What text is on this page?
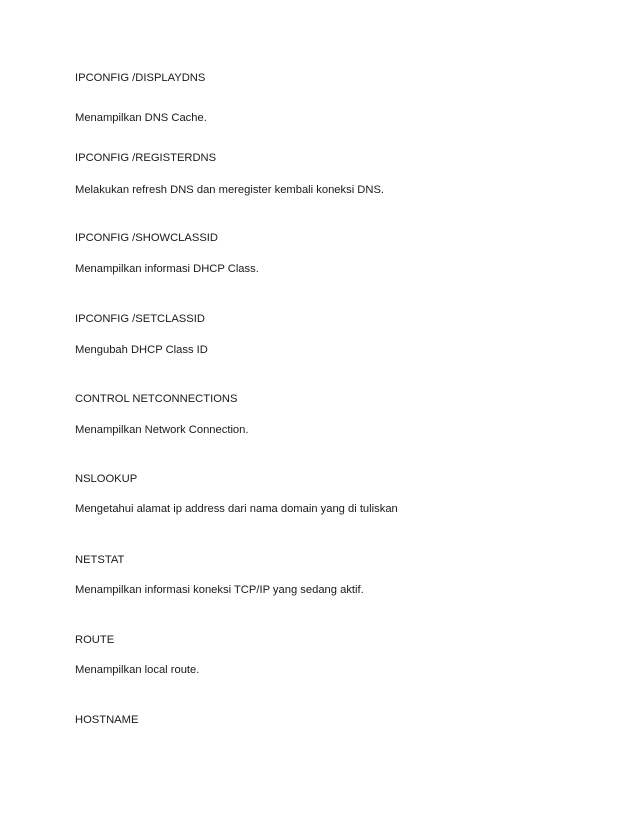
IPCONFIG /DISPLAYDNS
Menampilkan DNS Cache.
IPCONFIG /REGISTERDNS
Melakukan refresh DNS dan meregister kembali koneksi DNS.
IPCONFIG /SHOWCLASSID
Menampilkan informasi DHCP Class.
IPCONFIG /SETCLASSID
Mengubah DHCP Class ID
CONTROL NETCONNECTIONS
Menampilkan Network Connection.
NSLOOKUP
Mengetahui alamat ip address dari nama domain yang di tuliskan
NETSTAT
Menampilkan informasi koneksi TCP/IP yang sedang aktif.
ROUTE
Menampilkan local route.
HOSTNAME
